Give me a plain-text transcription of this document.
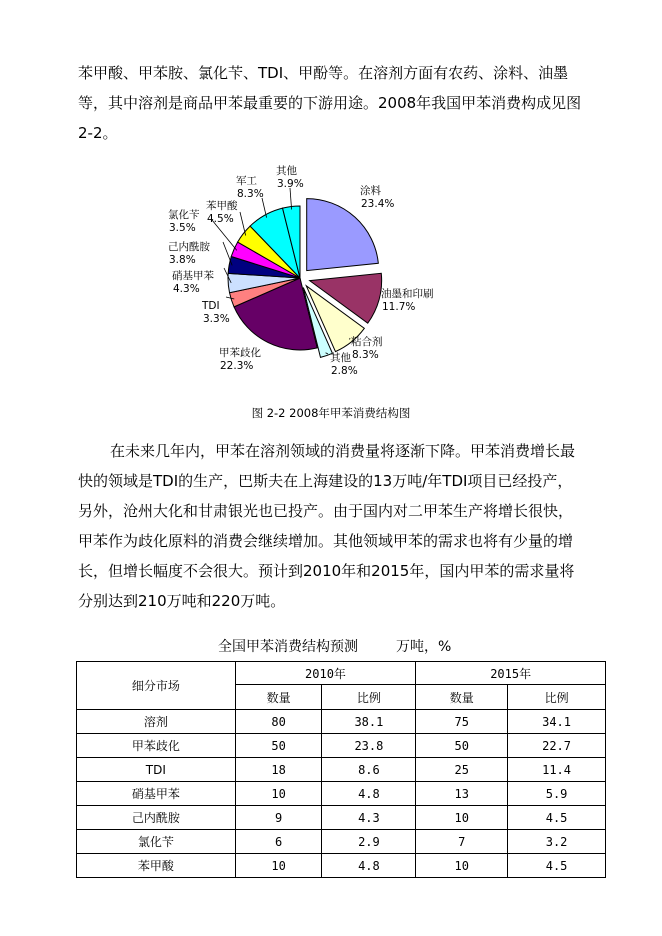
苯甲酸、甲苯胺、氯化苄、TDI、甲酚等。在溶剂方面有农药、涂料、油墨
等，其中溶剂是商品甲苯最重要的下游用途。2008年我国甲苯消费构成见图
2-2。
涂料
23.4%
油墨和印刷
11.7%
粘合剂
8.3%
其他
2.8%
甲苯歧化
22.3%
TDI
3.3%
硝基甲苯
4.3%
己内酰胺
3.8%
氯化苄
3.5%
苯甲酸
4.5%
军工
8.3%
其他
3.9%
图 2-2 2008年甲苯消费结构图
在未来几年内，甲苯在溶剂领域的消费量将逐渐下降。甲苯消费增长最
快的领域是TDI的生产，巴斯夫在上海建设的13万吨/年TDI项目已经投产，
另外，沧州大化和甘肃银光也已投产。由于国内对二甲苯生产将增长很快，
甲苯作为歧化原料的消费会继续增加。其他领域甲苯的需求也将有少量的增
长，但增长幅度不会很大。预计到2010年和2015年，国内甲苯的需求量将
分别达到210万吨和220万吨。
全国甲苯消费结构预测	万吨，%
细分市场	2010年		2015年	
	数量	比例	数量	比例
溶剂	80	38.1	75	34.1
甲苯歧化	50	23.8	50	22.7
TDI	18	8.6	25	11.4
硝基甲苯	10	4.8	13	5.9
己内酰胺	9	4.3	10	4.5
氯化苄	6	2.9	7	3.2
苯甲酸	10	4.8	10	4.5
